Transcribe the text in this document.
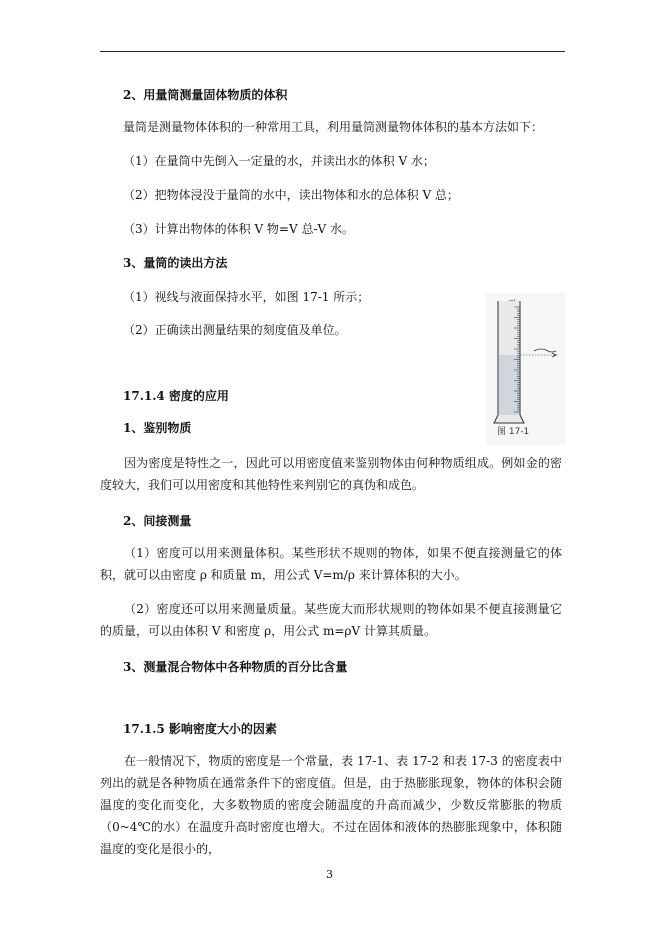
2、用量筒测量固体物质的体积
量筒是测量物体体积的一种常用工具，利用量筒测量物体体积的基本方法如下：
（1）在量筒中先倒入一定量的水，并读出水的体积 V 水；
（2）把物体浸没于量筒的水中，读出物体和水的总体积 V 总；
（3）计算出物体的体积 V 物=V 总-V 水。
3、量筒的读出方法
（1）视线与液面保持水平，如图 17-1 所示；
（2）正确读出测量结果的刻度值及单位。
图 17-1
17.1.4 密度的应用
1、鉴别物质

因为密度是特性之一，因此可以用密度值来鉴别物体由何种物质组成。例如金的密度较大，我们可以用密度和其他特性来判别它的真伪和成色。

2、间接测量

（1）密度可以用来测量体积。某些形状不规则的物体，如果不便直接测量它的体积，就可以由密度 ρ 和质量 m，用公式 V=m/ρ 来计算体积的大小。

（2）密度还可以用来测量质量。某些庞大而形状规则的物体如果不便直接测量它的质量，可以由体积 V 和密度 ρ，用公式 m=ρV 计算其质量。

3、测量混合物体中各种物质的百分比含量
17.1.5 影响密度大小的因素

在一般情况下，物质的密度是一个常量，表 17-1、表 17-2 和表 17-3 的密度表中列出的就是各种物质在通常条件下的密度值。但是，由于热膨胀现象，物体的体积会随温度的变化而变化，大多数物质的密度会随温度的升高而减少，少数反常膨胀的物质（0~4℃的水）在温度升高时密度也增大。不过在固体和液体的热膨胀现象中，体积随温度的变化是很小的，

3
